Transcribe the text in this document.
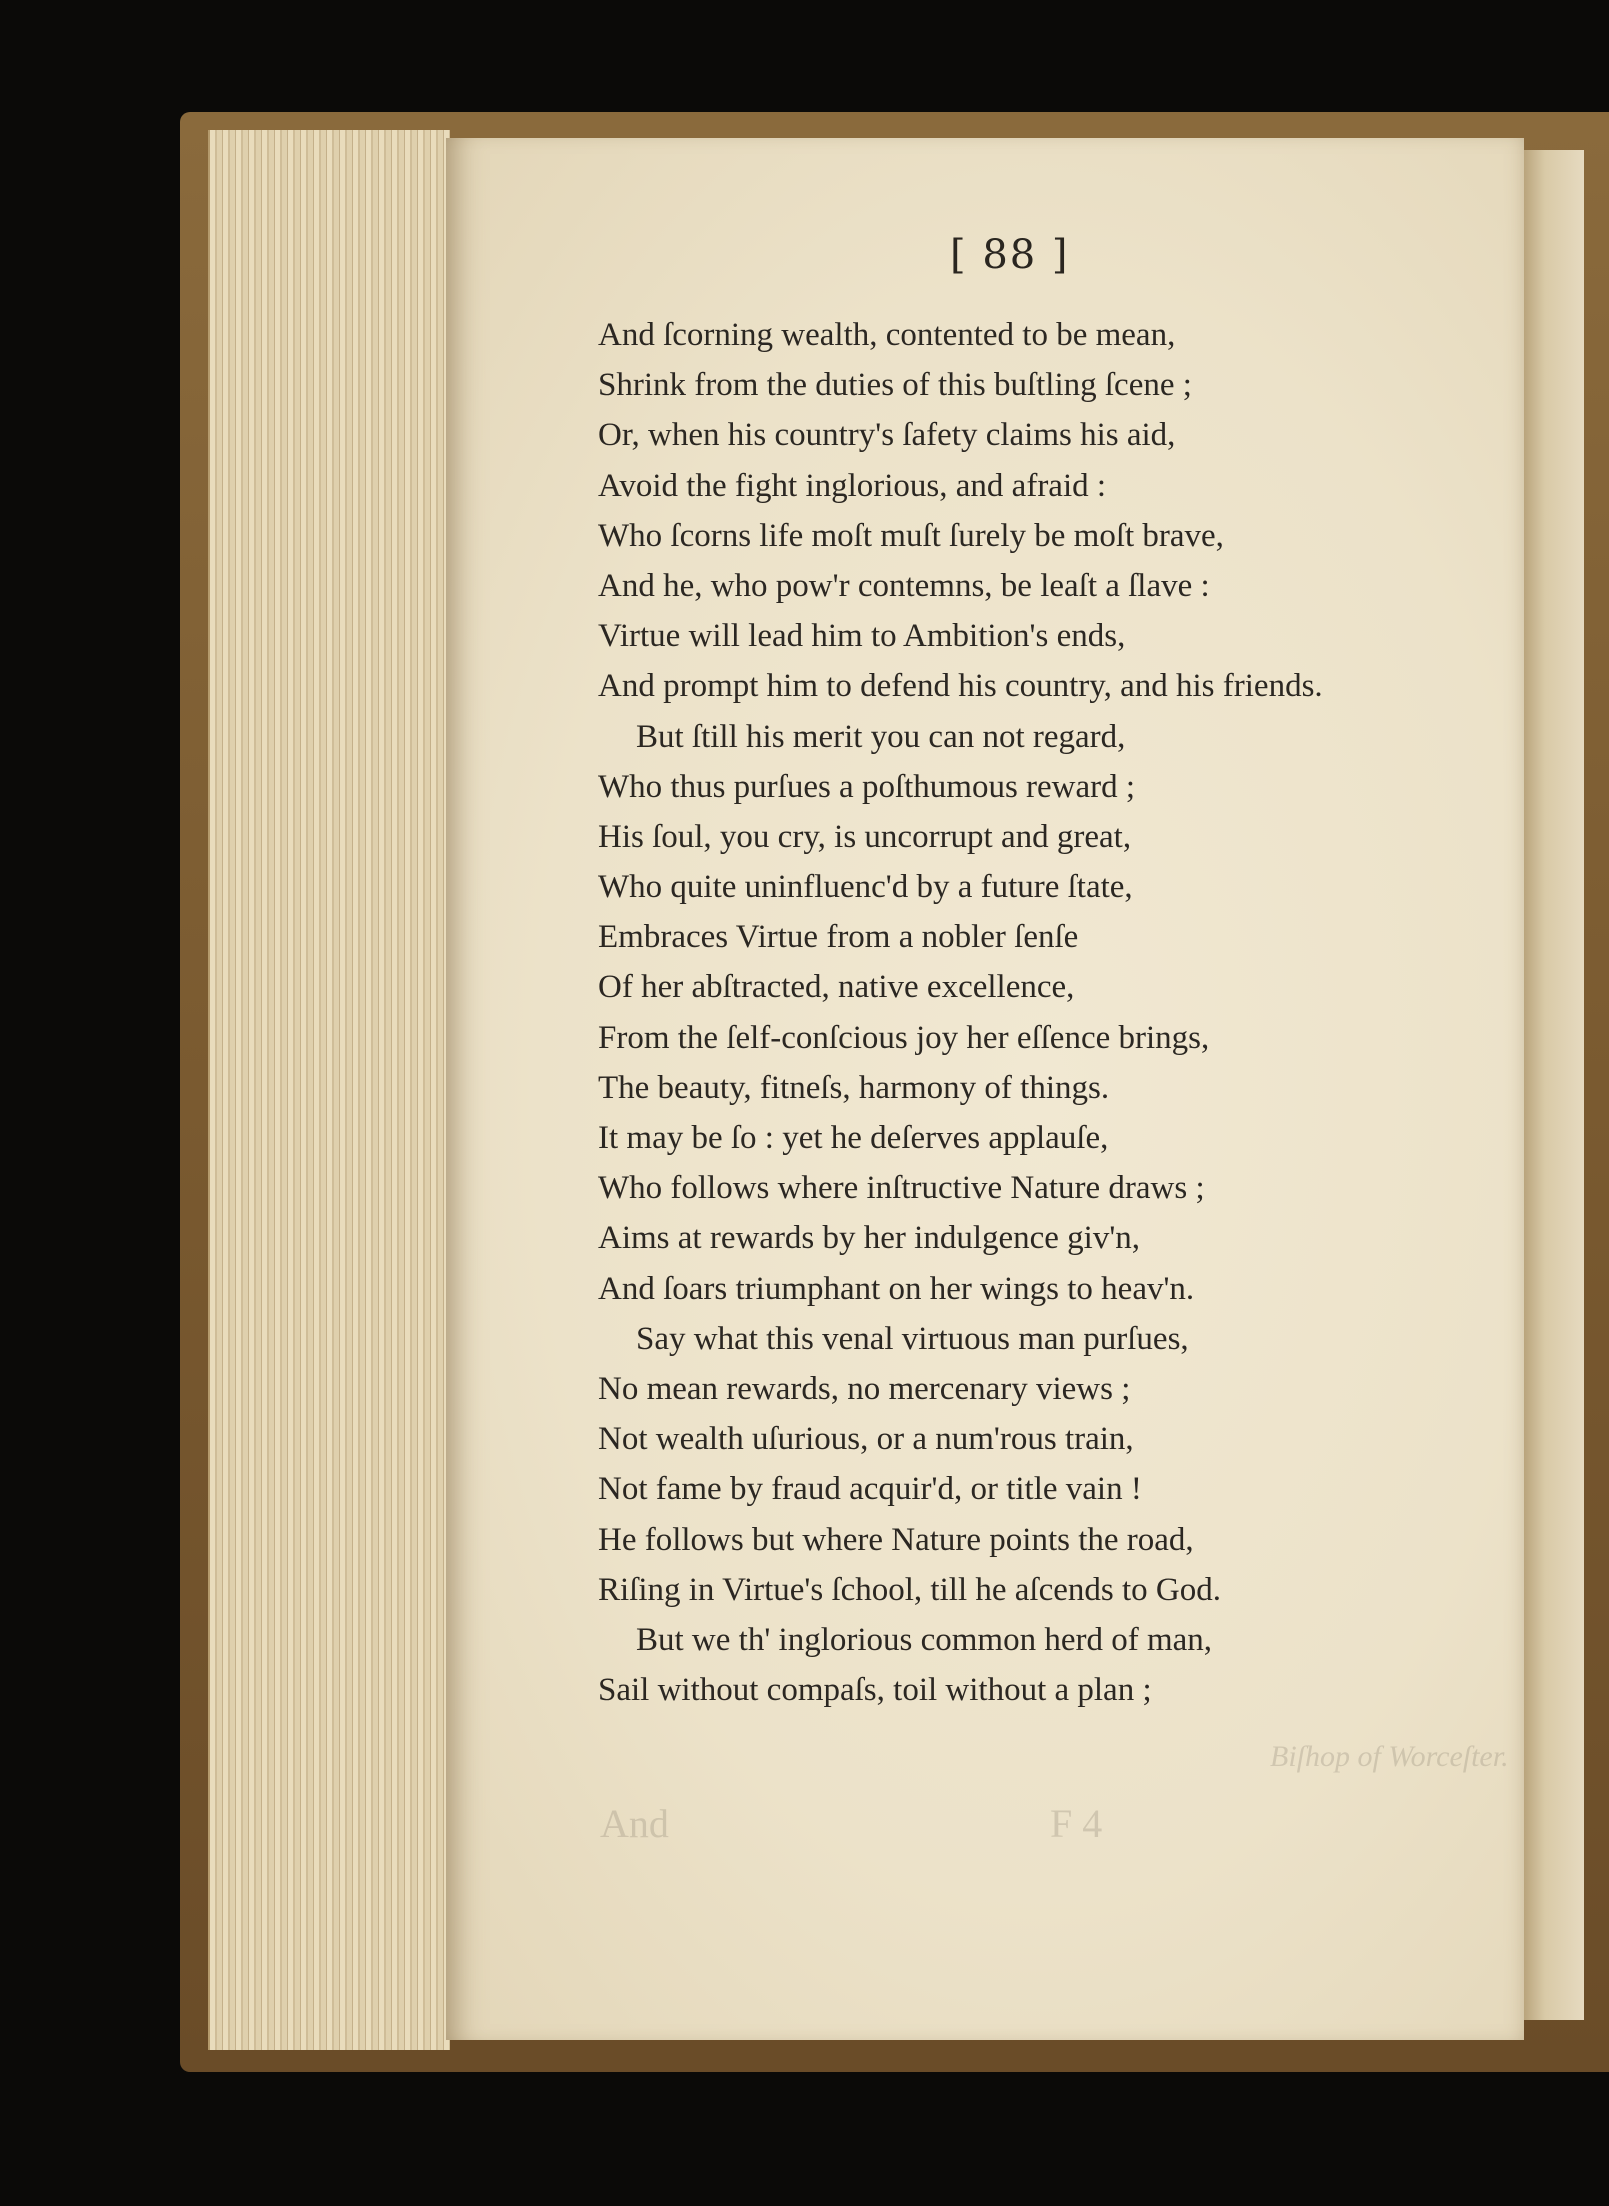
Biſhop of Worceſter.
And	F 4
[ 88 ]
And ſcorning wealth, contented to be mean,
Shrink from the duties of this buſtling ſcene ;
Or, when his country's ſafety claims his aid,
Avoid the fight inglorious, and afraid :
Who ſcorns life moſt muſt ſurely be moſt brave,
And he, who pow'r contemns, be leaſt a ſlave :
Virtue will lead him to Ambition's ends,
And prompt him to defend his country, and his friends.
But ſtill his merit you can not regard,
Who thus purſues a poſthumous reward ;
His ſoul, you cry, is uncorrupt and great,
Who quite uninfluenc'd by a future ſtate,
Embraces Virtue from a nobler ſenſe
Of her abſtracted, native excellence,
From the ſelf-conſcious joy her eſſence brings,
The beauty, fitneſs, harmony of things.
It may be ſo : yet he deſerves applauſe,
Who follows where inſtructive Nature draws ;
Aims at rewards by her indulgence giv'n,
And ſoars triumphant on her wings to heav'n.
Say what this venal virtuous man purſues,
No mean rewards, no mercenary views ;
Not wealth uſurious, or a num'rous train,
Not fame by fraud acquir'd, or title vain !
He follows but where Nature points the road,
Riſing in Virtue's ſchool, till he aſcends to God.
But we th' inglorious common herd of man,
Sail without compaſs, toil without a plan ;
